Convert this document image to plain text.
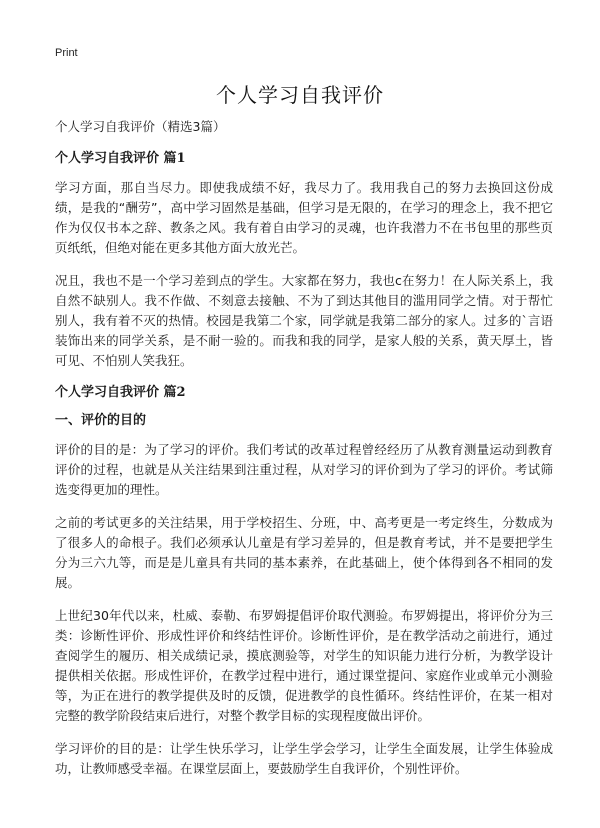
Print
个人学习自我评价

个人学习自我评价（精选3篇）

个人学习自我评价 篇1

学习方面，那自当尽力。即使我成绩不好，我尽力了。我用我自己的努力去换回这份成绩，是我的“酬劳”，高中学习固然是基础，但学习是无限的，在学习的理念上，我不把它作为仅仅书本之辞、教条之风。我有着自由学习的灵魂，也许我潜力不在书包里的那些页页纸纸，但绝对能在更多其他方面大放光芒。

况且，我也不是一个学习差到点的学生。大家都在努力，我也c在努力！在人际关系上，我自然不缺别人。我不作做、不刻意去接触、不为了到达其他目的滥用同学之情。对于帮忙别人，我有着不灭的热情。校园是我第二个家，同学就是我第二部分的家人。过多的`言语装饰出来的同学关系，是不耐一验的。而我和我的同学，是家人般的关系，黄天厚土，皆可见、不怕别人笑我狂。

个人学习自我评价 篇2
一、评价的目的

评价的目的是：为了学习的评价。我们考试的改革过程曾经经历了从教育测量运动到教育评价的过程，也就是从关注结果到注重过程，从对学习的评价到为了学习的评价。考试筛选变得更加的理性。

之前的考试更多的关注结果，用于学校招生、分班，中、高考更是一考定终生，分数成为了很多人的命根子。我们必须承认儿童是有学习差异的，但是教育考试，并不是要把学生分为三六九等，而是是儿童具有共同的基本素养，在此基础上，使个体得到各不相同的发展。

上世纪30年代以来，杜威、泰勒、布罗姆提倡评价取代测验。布罗姆提出，将评价分为三类：诊断性评价、形成性评价和终结性评价。诊断性评价，是在教学活动之前进行，通过查阅学生的履历、相关成绩记录，摸底测验等，对学生的知识能力进行分析，为教学设计提供相关依据。形成性评价，在教学过程中进行，通过课堂提问、家庭作业或单元小测验等，为正在进行的教学提供及时的反馈，促进教学的良性循环。终结性评价，在某一相对完整的教学阶段结束后进行，对整个教学目标的实现程度做出评价。

学习评价的目的是：让学生快乐学习，让学生学会学习，让学生全面发展，让学生体验成功，让教师感受幸福。在课堂层面上，要鼓励学生自我评价，个别性评价。
